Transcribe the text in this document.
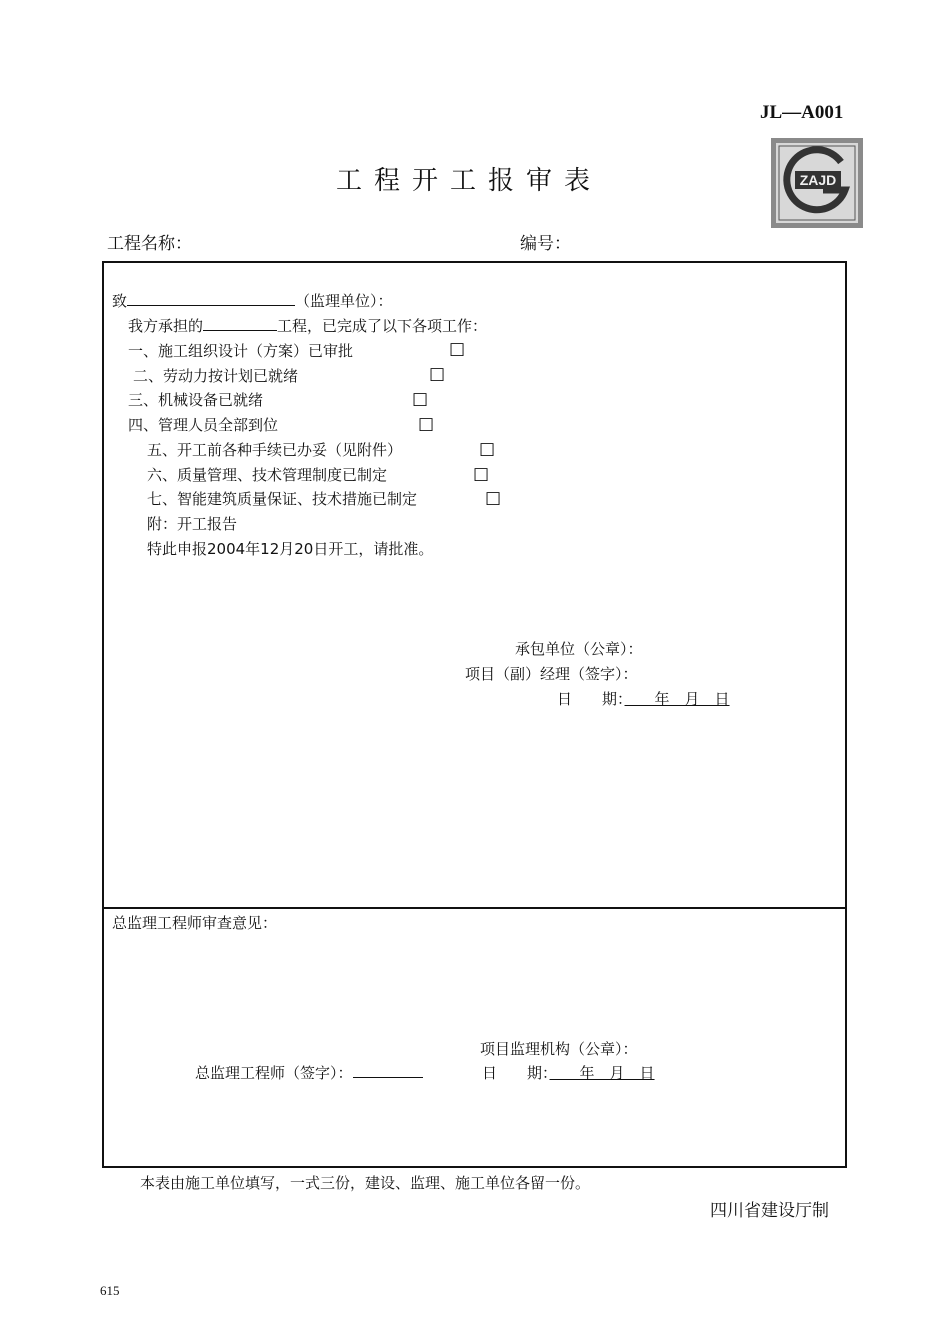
JL—A001
工程开工报审表	ZAJD
工程名称：	编号：
致	（监理单位）：
我方承担的	工程，已完成了以下各项工作：
一、施工组织设计（方案）已审批	□
二、劳动力按计划已就绪	□
三、机械设备已就绪	□
四、管理人员全部到位	□
五、开工前各种手续已办妥（见附件）	□
六、质量管理、技术管理制度已制定	□
七、智能建筑质量保证、技术措施已制定	□
附：开工报告
特此申报2004年12月20日开工，请批准。
承包单位（公章）：
项目（副）经理（签字）：
日　　期：　　年　月　日
总监理工程师审查意见：
项目监理机构（公章）：
总监理工程师（签字）：	日　　期：　　年　月　日
本表由施工单位填写，一式三份，建设、监理、施工单位各留一份。
四川省建设厅制
615
